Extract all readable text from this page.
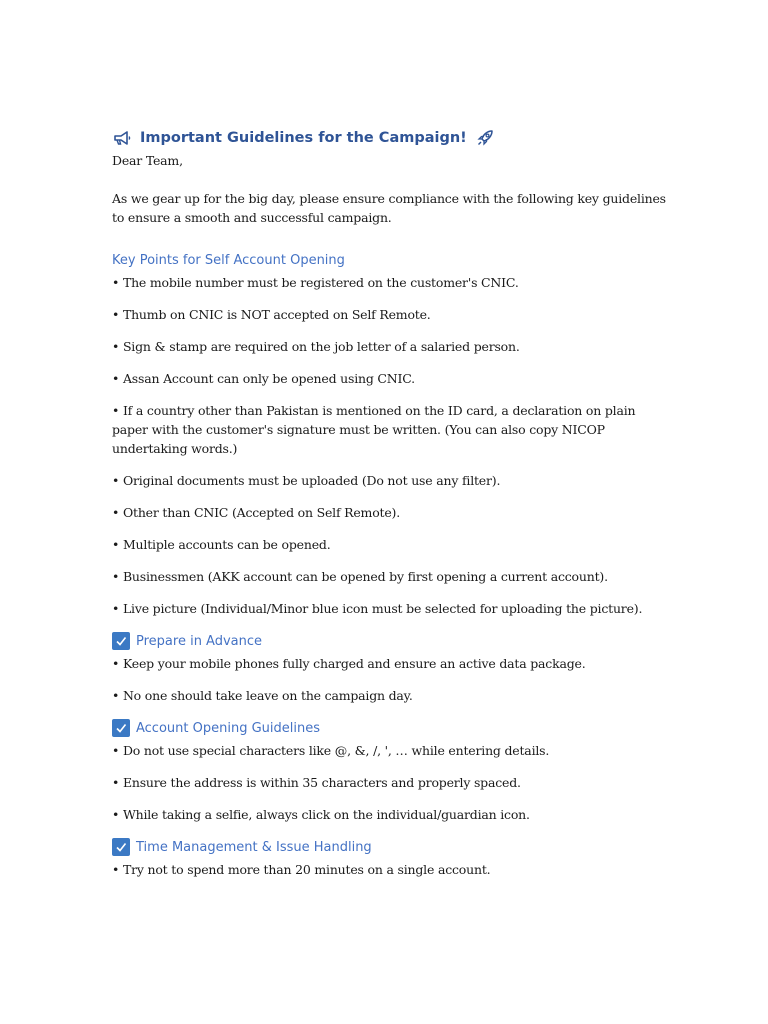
Important Guidelines for the Campaign!

Dear Team,

As we gear up for the big day, please ensure compliance with the following key guidelines to ensure a smooth and successful campaign.

Key Points for Self Account Opening

• The mobile number must be registered on the customer's CNIC.

• Thumb on CNIC is NOT accepted on Self Remote.

• Sign & stamp are required on the job letter of a salaried person.

• Assan Account can only be opened using CNIC.

• If a country other than Pakistan is mentioned on the ID card, a declaration on plain paper with the customer's signature must be written. (You can also copy NICOP undertaking words.)

• Original documents must be uploaded (Do not use any filter).

• Other than CNIC (Accepted on Self Remote).

• Multiple accounts can be opened.

• Businessmen (AKK account can be opened by first opening a current account).

• Live picture (Individual/Minor blue icon must be selected for uploading the picture).

Prepare in Advance

• Keep your mobile phones fully charged and ensure an active data package.

• No one should take leave on the campaign day.

Account Opening Guidelines

• Do not use special characters like @, &, /, ', … while entering details.

• Ensure the address is within 35 characters and properly spaced.

• While taking a selfie, always click on the individual/guardian icon.

Time Management & Issue Handling

• Try not to spend more than 20 minutes on a single account.
